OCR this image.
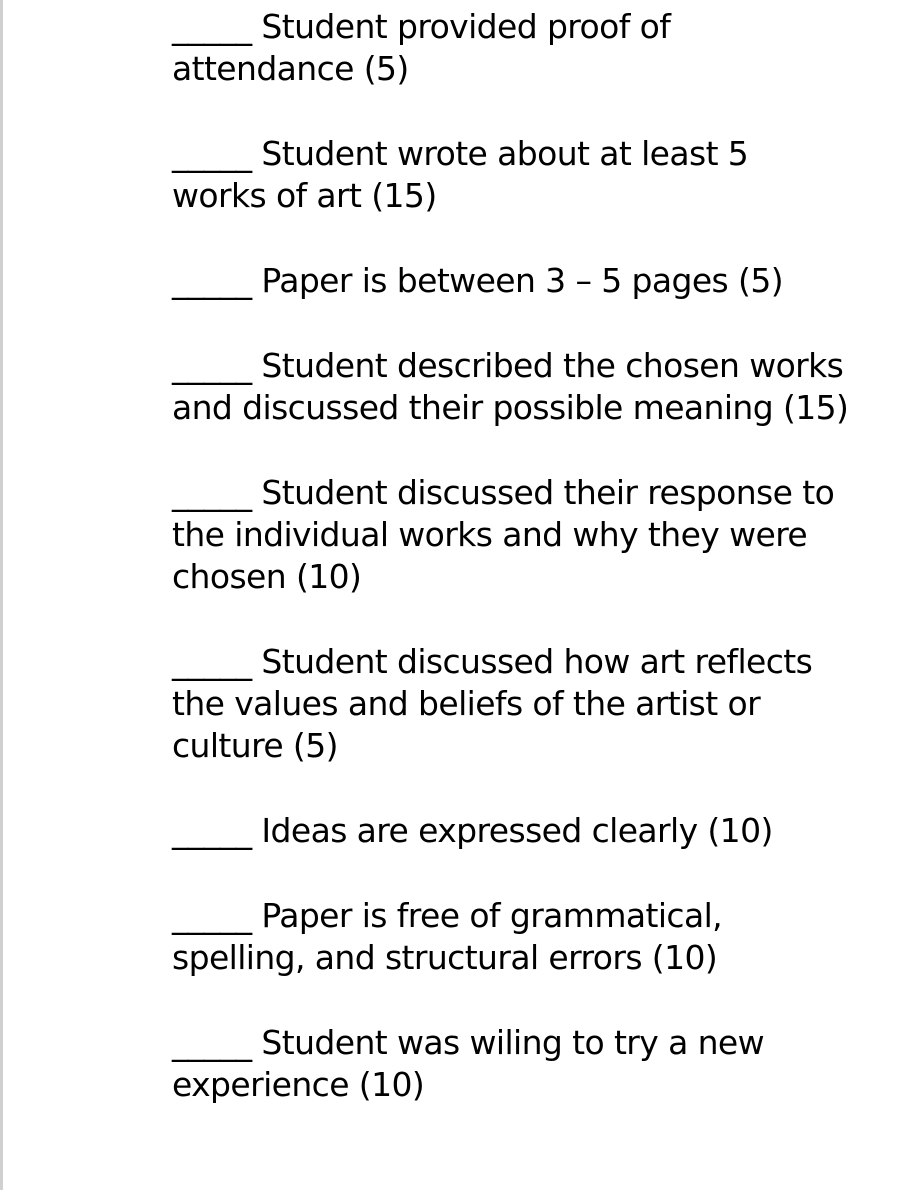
_____ Student provided proof of attendance (5)
_____ Student wrote about at least 5 works of art (15)
_____ Paper is between 3 – 5 pages (5)
_____ Student described the chosen works and discussed their possible meaning (15)
_____ Student discussed their response to the individual works and why they were chosen (10)
_____ Student discussed how art reflects the values and beliefs of the artist or culture (5)
_____ Ideas are expressed clearly (10)
_____ Paper is free of grammatical, spelling, and structural errors (10)
_____ Student was wiling to try a new experience (10)
